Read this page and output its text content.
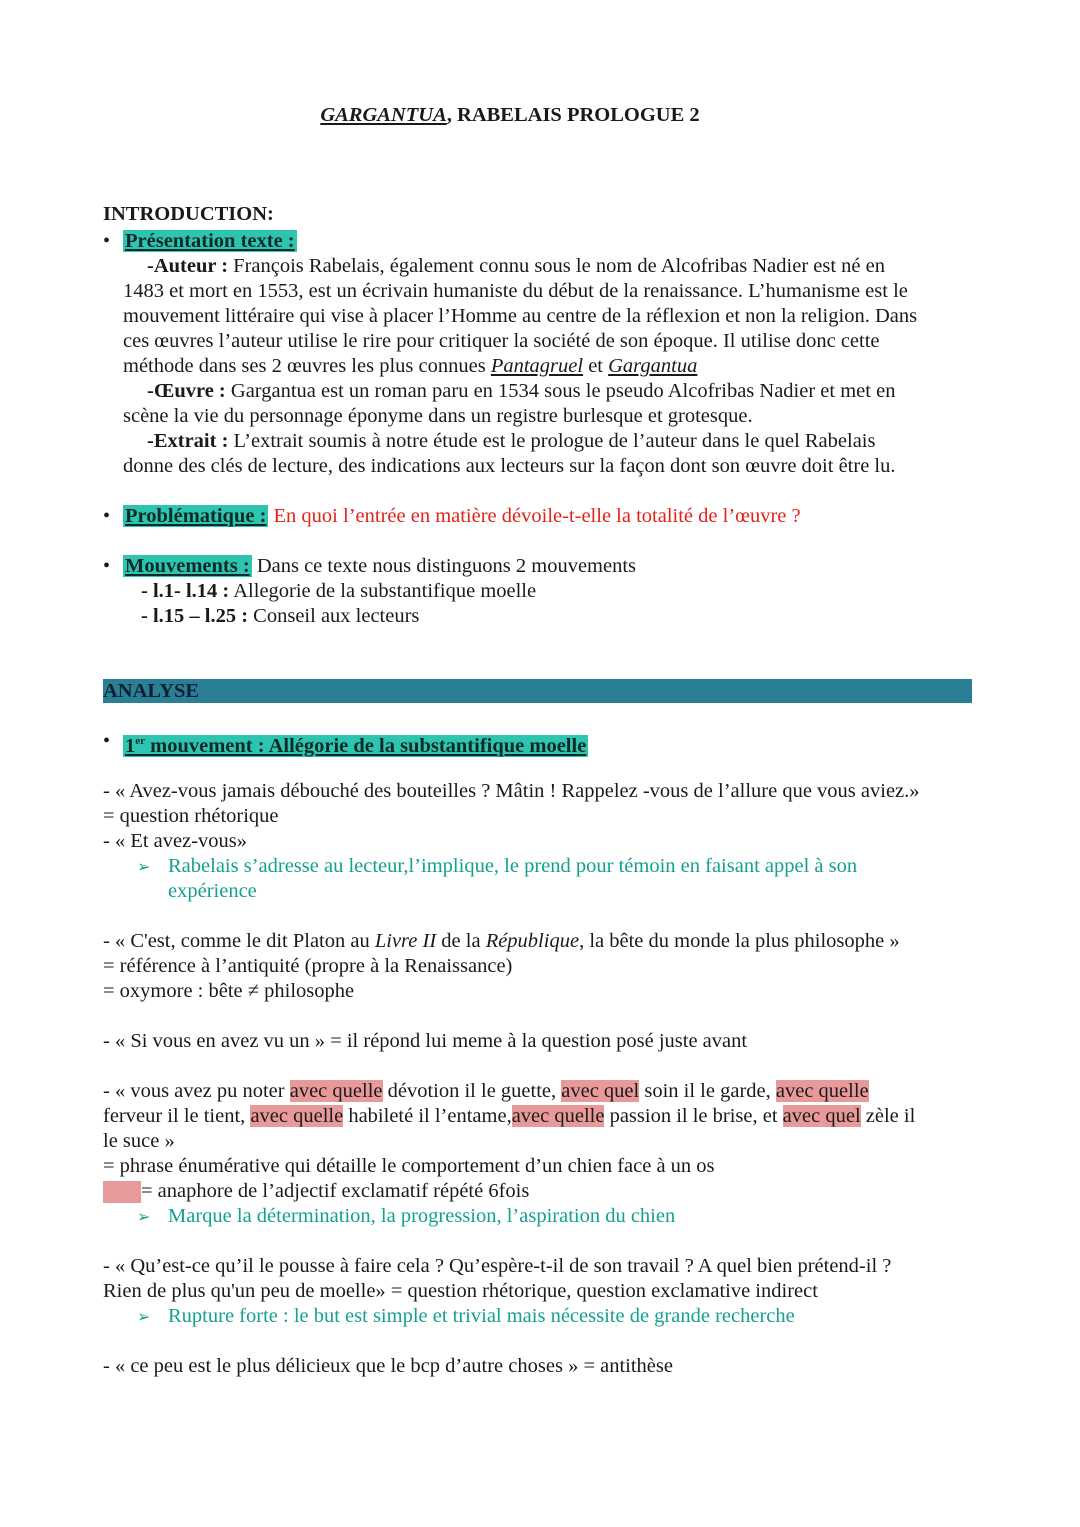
GARGANTUA, RABELAIS PROLOGUE 2
INTRODUCTION:
• Présentation texte :
-Auteur : François Rabelais, également connu sous le nom de Alcofribas Nadier est né en
1483 et mort en 1553, est un écrivain humaniste du début de la renaissance. L’humanisme est le
mouvement littéraire qui vise à placer l’Homme au centre de la réflexion et non la religion. Dans
ces œuvres l’auteur utilise le rire pour critiquer la société de son époque. Il utilise donc cette
méthode dans ses 2 œuvres les plus connues Pantagruel et Gargantua
-Œuvre : Gargantua est un roman paru en 1534 sous le pseudo Alcofribas Nadier et met en
scène la vie du personnage éponyme dans un registre burlesque et grotesque.
-Extrait : L’extrait soumis à notre étude est le prologue de l’auteur dans le quel Rabelais
donne des clés de lecture, des indications aux lecteurs sur la façon dont son œuvre doit être lu.
• Problématique : En quoi l’entrée en matière dévoile-t-elle la totalité de l’œuvre ?
• Mouvements : Dans ce texte nous distinguons 2 mouvements
- l.1- l.14 : Allegorie de la substantifique moelle
- l.15 – l.25 : Conseil aux lecteurs
ANALYSE
• 1er mouvement : Allégorie de la substantifique moelle
- « Avez-vous jamais débouché des bouteilles ? Mâtin ! Rappelez -vous de l’allure que vous aviez.»
= question rhétorique
- « Et avez-vous»
➢ Rabelais s’adresse au lecteur,l’implique, le prend pour témoin en faisant appel à son
expérience
- « C'est, comme le dit Platon au Livre II de la République, la bête du monde la plus philosophe »
= référence à l’antiquité (propre à la Renaissance)
= oxymore : bête ≠ philosophe
- « Si vous en avez vu un » = il répond lui meme à la question posé juste avant
- « vous avez pu noter avec quelle dévotion il le guette, avec quel soin il le garde, avec quelle
ferveur il le tient, avec quelle habileté il l’entame,avec quelle passion il le brise, et avec quel zèle il
le suce »
= phrase énumérative qui détaille le comportement d’un chien face à un os
= anaphore de l’adjectif exclamatif répété 6fois
➢ Marque la détermination, la progression, l’aspiration du chien
- « Qu’est-ce qu’il le pousse à faire cela ? Qu’espère-t-il de son travail ? A quel bien prétend-il ?
Rien de plus qu'un peu de moelle» = question rhétorique, question exclamative indirect
➢ Rupture forte : le but est simple et trivial mais nécessite de grande recherche
- « ce peu est le plus délicieux que le bcp d’autre choses » = antithèse
